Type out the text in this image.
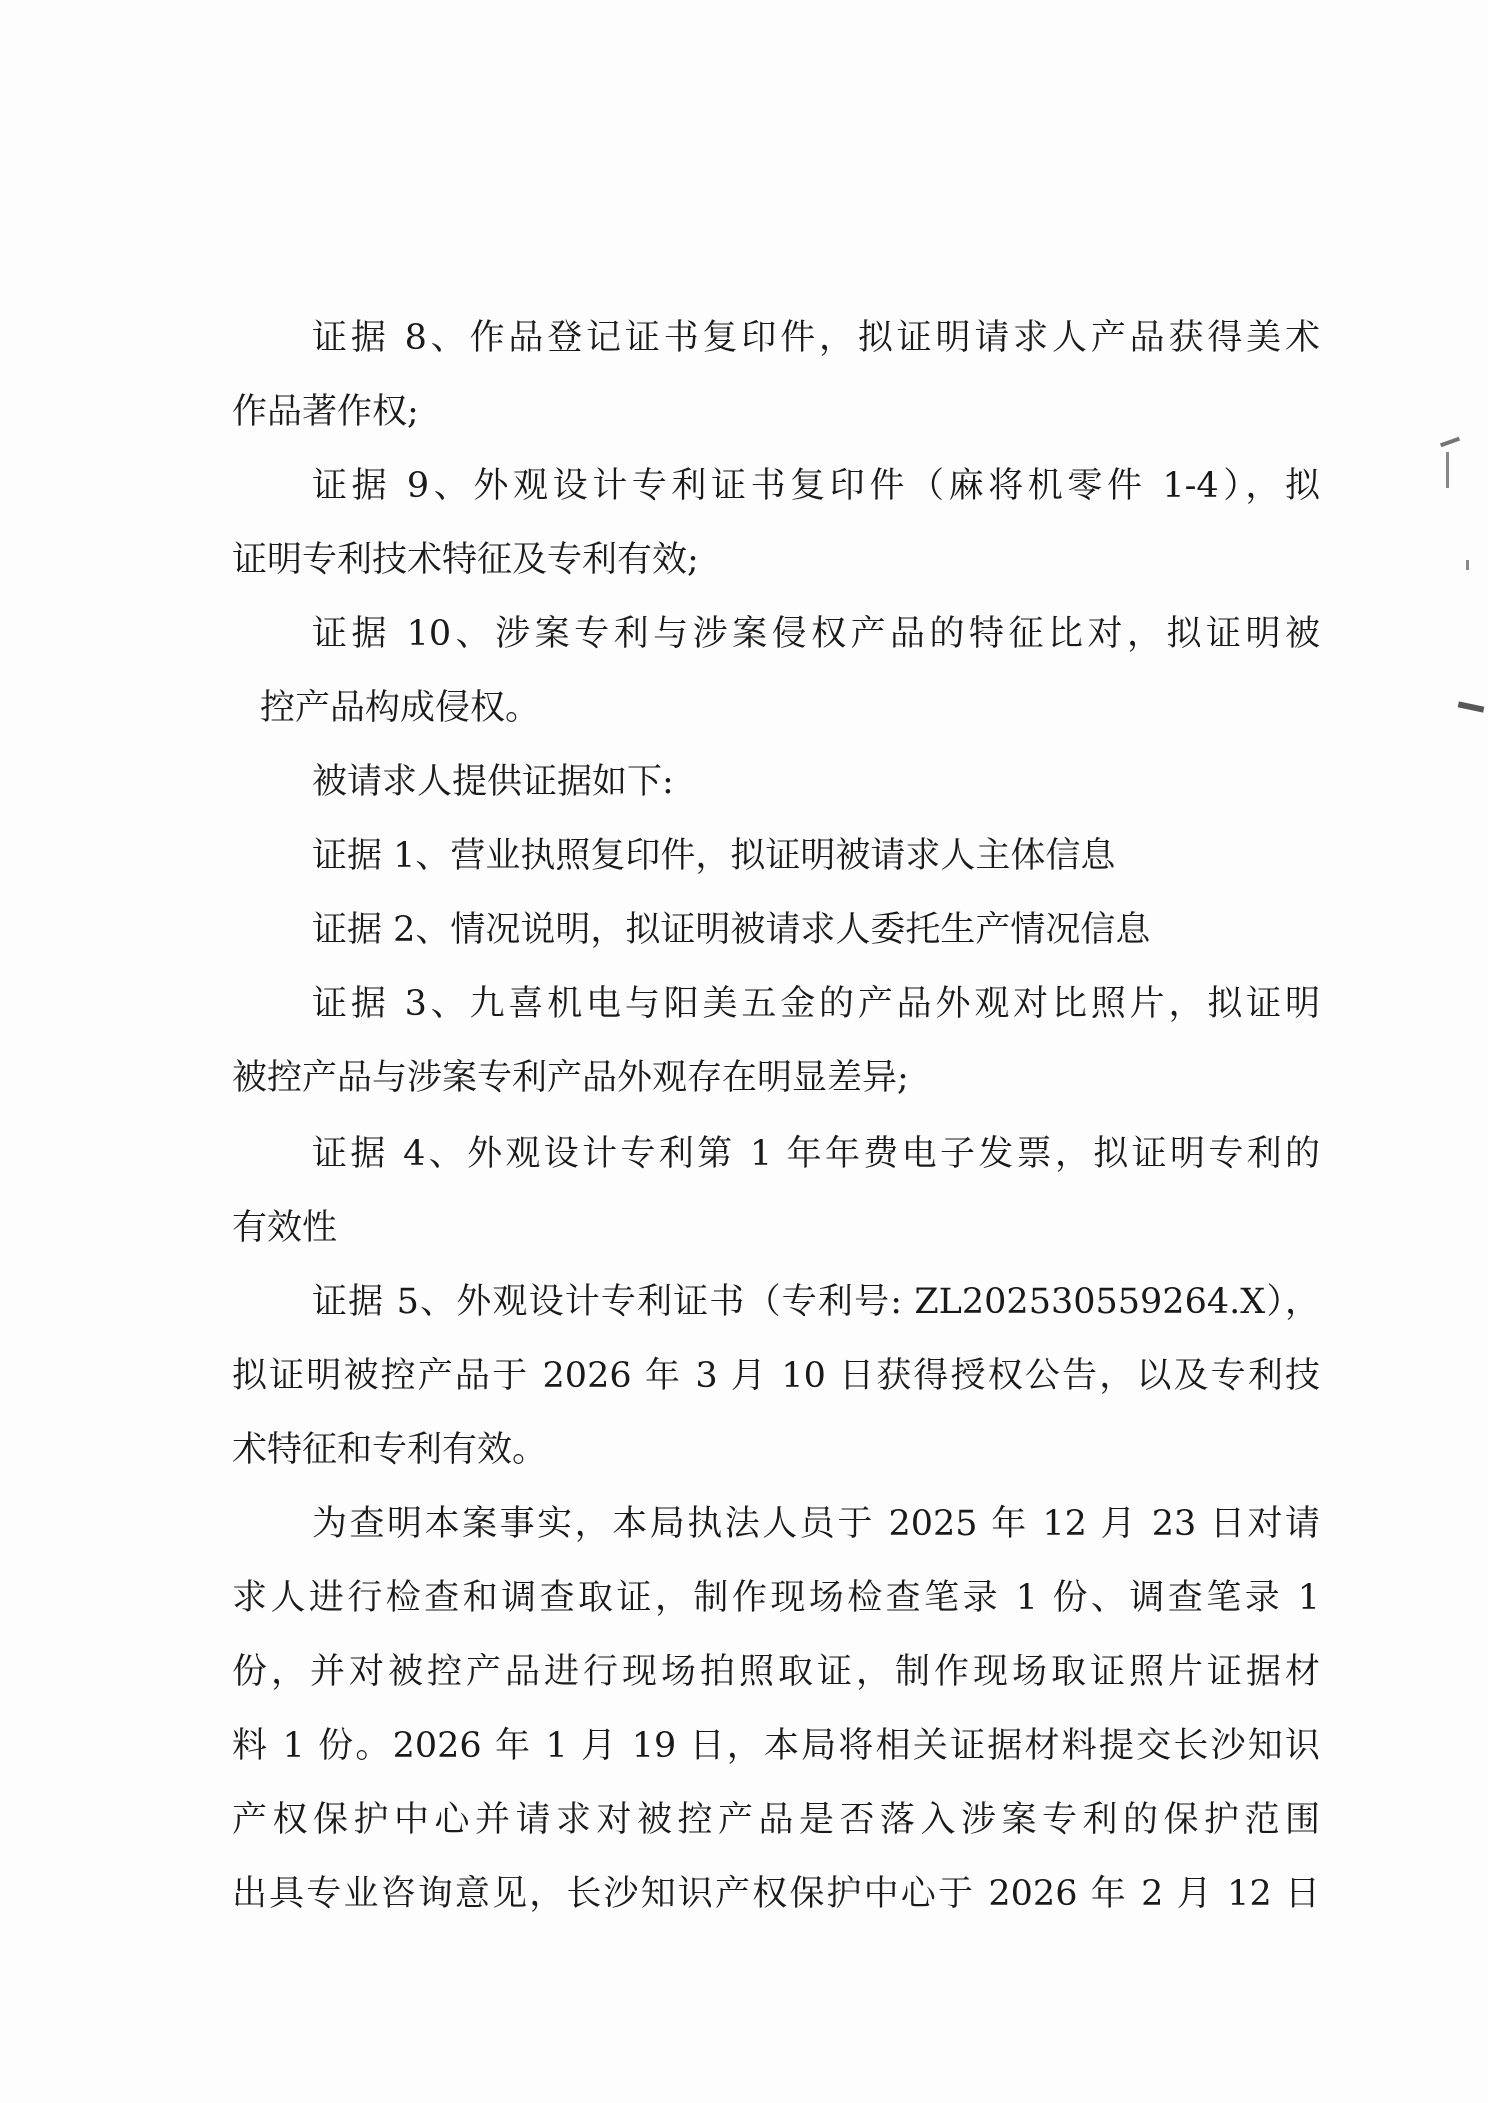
证据 8、作品登记证书复印件，拟证明请求人产品获得美术
作品著作权;
证据 9、外观设计专利证书复印件（麻将机零件 1-4），拟
证明专利技术特征及专利有效;
证据 10、涉案专利与涉案侵权产品的特征比对，拟证明被
控产品构成侵权。
被请求人提供证据如下:
证据 1、营业执照复印件，拟证明被请求人主体信息
证据 2、情况说明，拟证明被请求人委托生产情况信息
证据 3、九喜机电与阳美五金的产品外观对比照片，拟证明
被控产品与涉案专利产品外观存在明显差异;
证据 4、外观设计专利第 1 年年费电子发票，拟证明专利的
有效性
证据 5、外观设计专利证书（专利号: ZL202530559264.X），
拟证明被控产品于 2026 年 3 月 10 日获得授权公告，以及专利技
术特征和专利有效。
为查明本案事实，本局执法人员于 2025 年 12 月 23 日对请
求人进行检查和调查取证，制作现场检查笔录 1 份、调查笔录 1
份，并对被控产品进行现场拍照取证，制作现场取证照片证据材
料 1 份。2026 年 1 月 19 日，本局将相关证据材料提交长沙知识
产权保护中心并请求对被控产品是否落入涉案专利的保护范围
出具专业咨询意见，长沙知识产权保护中心于 2026 年 2 月 12 日
